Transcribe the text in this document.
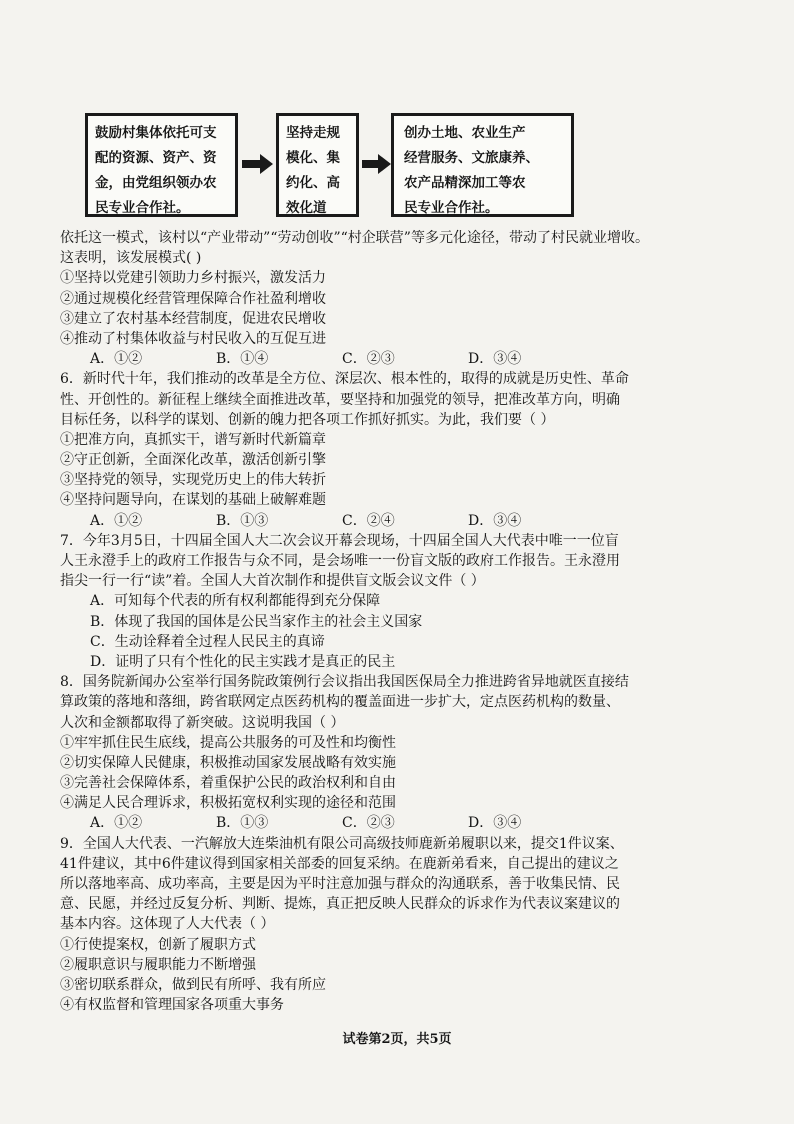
鼓励村集体依托可支
配的资源、资产、资
金，由党组织领办农
民专业合作社。
坚持走规
模化、集
约化、高
效化道
创办土地、农业生产
经营服务、文旅康养、
农产品精深加工等农
民专业合作社。
依托这一模式，该村以“产业带动”“劳动创收”“村企联营”等多元化途径，带动了村民就业增收。
这表明，该发展模式( )
①坚持以党建引领助力乡村振兴，激发活力
②通过规模化经营管理保障合作社盈利增收
③建立了农村基本经营制度，促进农民增收
④推动了村集体收益与村民收入的互促互进
A．①②	B．①④	C．②③	D．③④
6．新时代十年，我们推动的改革是全方位、深层次、根本性的，取得的成就是历史性、革命
性、开创性的。新征程上继续全面推进改革，要坚持和加强党的领导，把准改革方向，明确
目标任务，以科学的谋划、创新的魄力把各项工作抓好抓实。为此，我们要（ ）
①把准方向，真抓实干，谱写新时代新篇章
②守正创新，全面深化改革，激活创新引擎
③坚持党的领导，实现党历史上的伟大转折
④坚持问题导向，在谋划的基础上破解难题
A．①②	B．①③	C．②④	D．③④
7．今年3月5日，十四届全国人大二次会议开幕会现场，十四届全国人大代表中唯一一位盲
人王永澄手上的政府工作报告与众不同，是会场唯一一份盲文版的政府工作报告。王永澄用
指尖一行一行“读”着。全国人大首次制作和提供盲文版会议文件（ ）
A．可知每个代表的所有权利都能得到充分保障
B．体现了我国的国体是公民当家作主的社会主义国家
C．生动诠释着全过程人民民主的真谛
D．证明了只有个性化的民主实践才是真正的民主
8．国务院新闻办公室举行国务院政策例行会议指出我国医保局全力推进跨省异地就医直接结
算政策的落地和落细，跨省联网定点医药机构的覆盖面进一步扩大，定点医药机构的数量、
人次和金额都取得了新突破。这说明我国（ ）
①牢牢抓住民生底线，提高公共服务的可及性和均衡性
②切实保障人民健康，积极推动国家发展战略有效实施
③完善社会保障体系，着重保护公民的政治权利和自由
④满足人民合理诉求，积极拓宽权利实现的途径和范围
A．①②	B．①③	C．②③	D．③④
9．全国人大代表、一汽解放大连柴油机有限公司高级技师鹿新弟履职以来，提交1件议案、
41件建议，其中6件建议得到国家相关部委的回复采纳。在鹿新弟看来，自己提出的建议之
所以落地率高、成功率高，主要是因为平时注意加强与群众的沟通联系，善于收集民情、民
意、民愿，并经过反复分析、判断、提炼，真正把反映人民群众的诉求作为代表议案建议的
基本内容。这体现了人大代表（ ）
①行使提案权，创新了履职方式
②履职意识与履职能力不断增强
③密切联系群众，做到民有所呼、我有所应
④有权监督和管理国家各项重大事务
试卷第2页，共5页
